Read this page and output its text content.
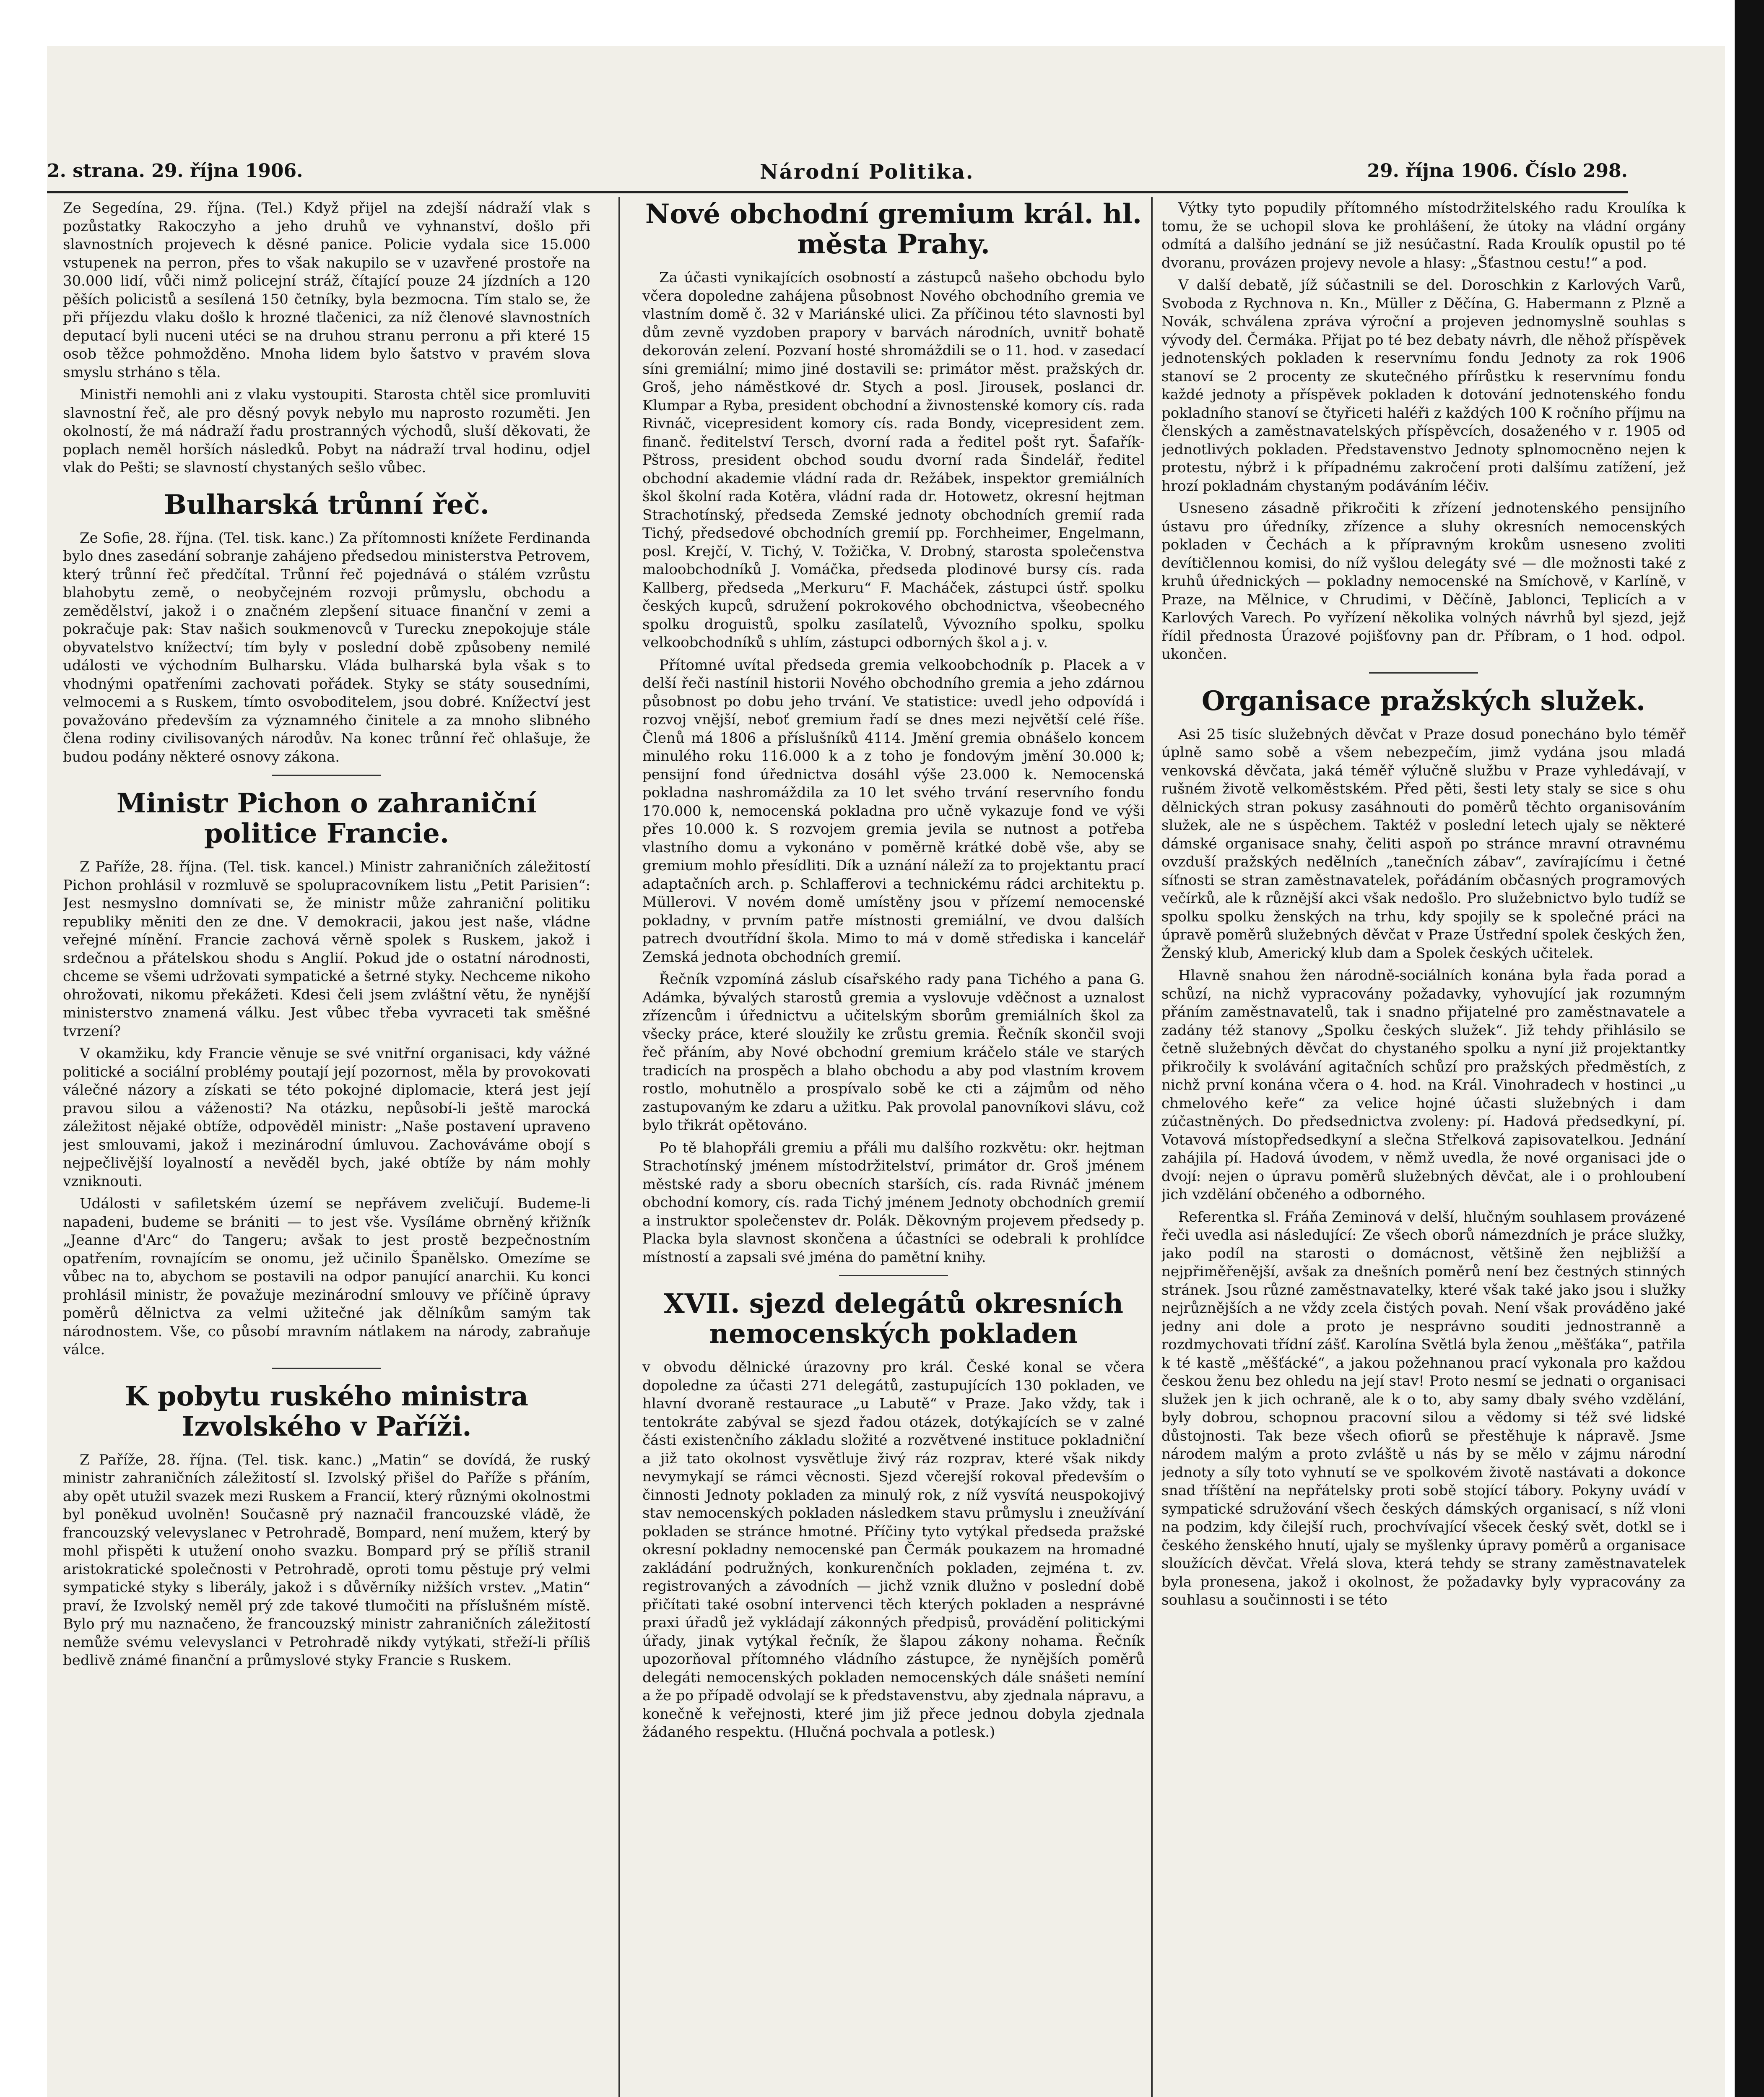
2. strana. 29. října 1906.	Národní Politika.	29. října 1906. Číslo 298.

Ze Segedína, 29. října. (Tel.) Když přijel na zdejší nádraží vlak s pozůstatky Rakoczyho a jeho druhů ve vyhnanství, došlo při slavnostních projevech k děsné panice. Policie vydala sice 15.000 vstupenek na perron, přes to však nakupilo se v uzavřené prostoře na 30.000 lidí, vůči nimž policejní stráž, čítající pouze 24 jízdních a 120 pěších policistů a sesílená 150 četníky, byla bezmocna. Tím stalo se, že při příjezdu vlaku došlo k hrozné tlačenici, za níž členové slavnostních deputací byli nuceni utéci se na druhou stranu perronu a při které 15 osob těžce pohmožděno. Mnoha lidem bylo šatstvo v pravém slova smyslu strháno s těla.

Ministři nemohli ani z vlaku vystoupiti. Starosta chtěl sice promluviti slavnostní řeč, ale pro děsný povyk nebylo mu naprosto rozuměti. Jen okolností, že má nádraží řadu prostranných východů, sluší děkovati, že poplach neměl horších následků. Pobyt na nádraží trval hodinu, odjel vlak do Pešti; se slavností chystaných sešlo vůbec.

Bulharská trůnní řeč.

Ze Sofie, 28. října. (Tel. tisk. kanc.) Za přítomnosti knížete Ferdinanda bylo dnes zasedání sobranje zahájeno předsedou ministerstva Petrovem, který trůnní řeč předčítal. Trůnní řeč pojednává o stálém vzrůstu blahobytu země, o neobyčejném rozvoji průmyslu, obchodu a zemědělství, jakož i o značném zlepšení situace finanční v zemi a pokračuje pak: Stav našich soukmenovců v Turecku znepokojuje stále obyvatelstvo knížectví; tím byly v poslední době způsobeny nemilé události ve východním Bulharsku. Vláda bulharská byla však s to vhodnými opatřeními zachovati pořádek. Styky se státy sousedními, velmocemi a s Ruskem, tímto osvoboditelem, jsou dobré. Knížectví jest považováno především za významného činitele a za mnoho slibného člena rodiny civilisovaných národův. Na konec trůnní řeč ohlašuje, že budou podány některé osnovy zákona.

Ministr Pichon o zahraniční politice Francie.

Z Paříže, 28. října. (Tel. tisk. kancel.) Ministr zahraničních záležitostí Pichon prohlásil v rozmluvě se spolupracovníkem listu „Petit Parisien“: Jest nesmyslno domnívati se, že ministr může zahraniční politiku republiky měniti den ze dne. V demokracii, jakou jest naše, vládne veřejné mínění. Francie zachová věrně spolek s Ruskem, jakož i srdečnou a přátelskou shodu s Anglií. Pokud jde o ostatní národnosti, chceme se všemi udržovati sympatické a šetrné styky. Nechceme nikoho ohrožovati, nikomu překážeti. Kdesi čeli jsem zvláštní větu, že nynější ministerstvo znamená válku. Jest vůbec třeba vyvraceti tak směšné tvrzení?

V okamžiku, kdy Francie věnuje se své vnitřní organisaci, kdy vážné politické a sociální problémy poutají její pozornost, měla by provokovati válečné názory a získati se této pokojné diplomacie, která jest její pravou silou a váženosti? Na otázku, nepůsobí-li ještě marocká záležitost nějaké obtíže, odpověděl ministr: „Naše postavení upraveno jest smlouvami, jakož i mezinárodní úmluvou. Zachováváme obojí s nejpečlivější loyalností a nevěděl bych, jaké obtíže by nám mohly vzniknouti.

Události v safiletském území se nepřávem zveličují. Budeme-li napadeni, budeme se brániti — to jest vše. Vysíláme obrněný křižník „Jeanne d'Arc“ do Tangeru; avšak to jest prostě bezpečnostním opatřením, rovnajícím se onomu, jež učinilo Španělsko. Omezíme se vůbec na to, abychom se postavili na odpor panující anarchii. Ku konci prohlásil ministr, že považuje mezinárodní smlouvy ve příčině úpravy poměrů dělnictva za velmi užitečné jak dělníkům samým tak národnostem. Vše, co působí mravním nátlakem na národy, zabraňuje válce.

K pobytu ruského ministra Izvolského v Paříži.

Z Paříže, 28. října. (Tel. tisk. kanc.) „Matin“ se dovídá, že ruský ministr zahraničních záležitostí sl. Izvolský přišel do Paříže s přáním, aby opět utužil svazek mezi Ruskem a Francií, který různými okolnostmi byl poněkud uvolněn! Současně prý naznačil francouzské vládě, že francouzský velevyslanec v Petrohradě, Bompard, není mužem, který by mohl přispěti k utužení onoho svazku. Bompard prý se příliš stranil aristokratické společnosti v Petrohradě, oproti tomu pěstuje prý velmi sympatické styky s liberály, jakož i s důvěrníky nižších vrstev. „Matin“ praví, že Izvolský neměl prý zde takové tlumočiti na příslušném místě. Bylo prý mu naznačeno, že francouzský ministr zahraničních záležitostí nemůže svému velevyslanci v Petrohradě nikdy vytýkati, střeží-li příliš bedlivě známé finanční a průmyslové styky Francie s Ruskem.

Nové obchodní gremium král. hl. města Prahy.

Za účasti vynikajících osobností a zástupců našeho obchodu bylo včera dopoledne zahájena působnost Nového obchodního gremia ve vlastním domě č. 32 v Mariánské ulici. Za příčinou této slavnosti byl dům zevně vyzdoben prapory v barvách národních, uvnitř bohatě dekorován zelení. Pozvaní hosté shromáždili se o 11. hod. v zasedací síni gremiální; mimo jiné dostavili se: primátor měst. pražských dr. Groš, jeho náměstkové dr. Stych a posl. Jirousek, poslanci dr. Klumpar a Ryba, president obchodní a živnostenské komory cís. rada Rivnáč, vicepresident komory cís. rada Bondy, vicepresident zem. finanč. ředitelství Tersch, dvorní rada a ředitel pošt ryt. Šafařík-Pštross, president obchod soudu dvorní rada Šindelář, ředitel obchodní akademie vládní rada dr. Režábek, inspektor gremiálních škol školní rada Kotěra, vládní rada dr. Hotowetz, okresní hejtman Strachotínský, předseda Zemské jednoty obchodních gremií rada Tichý, předsedové obchodních gremií pp. Forchheimer, Engelmann, posl. Krejčí, V. Tichý, V. Tožička, V. Drobný, starosta společenstva maloobchodníků J. Vomáčka, předseda plodinové bursy cís. rada Kallberg, předseda „Merkuru“ F. Macháček, zástupci ústř. spolku českých kupců, sdružení pokrokového obchodnictva, všeobecného spolku droguistů, spolku zasílatelů, Vývozního spolku, spolku velkoobchodníků s uhlím, zástupci odborných škol a j. v.

Přítomné uvítal předseda gremia velkoobchodník p. Placek a v delší řeči nastínil historii Nového obchodního gremia a jeho zdárnou působnost po dobu jeho trvání. Ve statistice: uvedl jeho odpovídá i rozvoj vnější, neboť gremium řadí se dnes mezi největší celé říše. Členů má 1806 a příslušníků 4114. Jmění gremia obnášelo koncem minulého roku 116.000 k a z toho je fondovým jmění 30.000 k; pensijní fond úřednictva dosáhl výše 23.000 k. Nemocenská pokladna nashromáždila za 10 let svého trvání reservního fondu 170.000 k, nemocenská pokladna pro učně vykazuje fond ve výši přes 10.000 k. S rozvojem gremia jevila se nutnost a potřeba vlastního domu a vykonáno v poměrně krátké době vše, aby se gremium mohlo přesídliti. Dík a uznání náleží za to projektantu prací adaptačních arch. p. Schlafferovi a technickému rádci architektu p. Müllerovi. V novém domě umístěny jsou v přízemí nemocenské pokladny, v prvním patře místnosti gremiální, ve dvou dalších patrech dvoutřídní škola. Mimo to má v domě střediska i kancelář Zemská jednota obchodních gremií.

Řečník vzpomíná záslub císařského rady pana Tichého a pana G. Adámka, bývalých starostů gremia a vyslovuje vděčnost a uznalost zřízencům i úřednictvu a učitelským sborům gremiálních škol za všecky práce, které sloužily ke zrůstu gremia. Řečník skončil svoji řeč přáním, aby Nové obchodní gremium kráčelo stále ve starých tradicích na prospěch a blaho obchodu a aby pod vlastním krovem rostlo, mohutnělo a prospívalo sobě ke cti a zájmům od něho zastupovaným ke zdaru a užitku. Pak provolal panovníkovi slávu, což bylo třikrát opětováno.

Po tě blahopřáli gremiu a přáli mu dalšího rozkvětu: okr. hejtman Strachotínský jménem místodržitelství, primátor dr. Groš jménem městské rady a sboru obecních starších, cís. rada Rivnáč jménem obchodní komory, cís. rada Tichý jménem Jednoty obchodních gremií a instruktor společenstev dr. Polák. Děkovným projevem předsedy p. Placka byla slavnost skončena a účastníci se odebrali k prohlídce místností a zapsali své jména do pamětní knihy.

XVII. sjezd delegátů okresních nemocenských pokladen

v obvodu dělnické úrazovny pro král. České konal se včera dopoledne za účasti 271 delegátů, zastupujících 130 pokladen, ve hlavní dvoraně restaurace „u Labutě“ v Praze. Jako vždy, tak i tentokráte zabýval se sjezd řadou otázek, dotýkajících se v zalné části existenčního základu složité a rozvětvené instituce pokladniční a již tato okolnost vysvětluje živý ráz rozprav, které však nikdy nevymykají se rámci věcnosti. Sjezd včerejší rokoval především o činnosti Jednoty pokladen za minulý rok, z níž vysvítá neuspokojivý stav nemocenských pokladen následkem stavu průmyslu i zneužívání pokladen se stránce hmotné. Příčiny tyto vytýkal předseda pražské okresní pokladny nemocenské pan Čermák poukazem na hromadné zakládání podružných, konkurenčních pokladen, zejména t. zv. registrovaných a závodních — jichž vznik dlužno v poslední době přičítati také osobní intervenci těch kterých pokladen a nesprávné praxi úřadů jež vykládají zákonných předpisů, provádění politickými úřady, jinak vytýkal řečník, že šlapou zákony nohama. Řečník upozorňoval přítomného vládního zástupce, že nynějších poměrů delegáti nemocenských pokladen nemocenských dále snášeti nemíní a že po případě odvolají se k představenstvu, aby zjednala nápravu, a konečně k veřejnosti, které jim již přece jednou dobyla zjednala žádaného respektu. (Hlučná pochvala a potlesk.)

Výtky tyto popudily přítomného místodržitelského radu Kroulíka k tomu, že se uchopil slova ke prohlášení, že útoky na vládní orgány odmítá a dalšího jednání se již nesúčastní. Rada Kroulík opustil po té dvoranu, provázen projevy nevole a hlasy: „Šťastnou cestu!“ a pod.

V další debatě, jíž súčastnili se del. Doroschkin z Karlových Varů, Svoboda z Rychnova n. Kn., Müller z Děčína, G. Habermann z Plzně a Novák, schválena zpráva výroční a projeven jednomyslně souhlas s vývody del. Čermáka. Přijat po té bez debaty návrh, dle něhož příspěvek jednotenských pokladen k reservnímu fondu Jednoty za rok 1906 stanoví se 2 procenty ze skutečného přírůstku k reservnímu fondu každé jednoty a příspěvek pokladen k dotování jednotenského fondu pokladního stanoví se čtyřiceti haléři z každých 100 K ročního příjmu na členských a zaměstnavatelských příspěvcích, dosaženého v r. 1905 od jednotlivých pokladen. Představenstvo Jednoty splnomocněno nejen k protestu, nýbrž i k případnému zakročení proti dalšímu zatížení, jež hrozí pokladnám chystaným podáváním léčiv.

Usneseno zásadně přikročiti k zřízení jednotenského pensijního ústavu pro úředníky, zřízence a sluhy okresních nemocenských pokladen v Čechách a k přípravným krokům usneseno zvoliti devítičlennou komisi, do níž vyšlou delegáty své — dle možnosti také z kruhů úřednických — pokladny nemocenské na Smíchově, v Karlíně, v Praze, na Mělnice, v Chrudimi, v Děčíně, Jablonci, Teplicích a v Karlových Varech. Po vyřízení několika volných návrhů byl sjezd, jejž řídil přednosta Úrazové pojišťovny pan dr. Příbram, o 1 hod. odpol. ukončen.

Organisace pražských služek.

Asi 25 tisíc služebných děvčat v Praze dosud ponecháno bylo téměř úplně samo sobě a všem nebezpečím, jimž vydána jsou mladá venkovská děvčata, jaká téměř výlučně službu v Praze vyhledávají, v rušném životě velkoměstském. Před pěti, šesti lety staly se sice s ohu dělnických stran pokusy zasáhnouti do poměrů těchto organisováním služek, ale ne s úspěchem. Taktéž v poslední letech ujaly se některé dámské organisace snahy, čeliti aspoň po stránce mravní otravnému ovzduší pražských nedělních „tanečních zábav“, zavírajícímu i četné síťnosti se stran zaměstnavatelek, pořádáním občasných programových večírků, ale k různější akci však nedošlo. Pro služebnictvo bylo tudíž se spolku spolku ženských na trhu, kdy spojily se k společné práci na úpravě poměrů služebných děvčat v Praze Ústřední spolek českých žen, Ženský klub, Americký klub dam a Spolek českých učitelek.

Hlavně snahou žen národně-sociálních konána byla řada porad a schůzí, na nichž vypracovány požadavky, vyhovující jak rozumným přáním zaměstnavatelů, tak i snadno přijatelné pro zaměstnavatele a zadány též stanovy „Spolku českých služek“. Již tehdy přihlásilo se četně služebných děvčat do chystaného spolku a nyní již projektantky přikročily k svolávání agitačních schůzí pro pražských předměstích, z nichž první konána včera o 4. hod. na Král. Vinohradech v hostinci „u chmelového keře“ za velice hojné účasti služebných i dam zúčastněných. Do předsednictva zvoleny: pí. Hadová předsedkyní, pí. Votavová místopředsedkyní a slečna Střelková zapisovatelkou. Jednání zahájila pí. Hadová úvodem, v němž uvedla, že nové organisaci jde o dvojí: nejen o úpravu poměrů služebných děvčat, ale i o prohloubení jich vzdělání občeného a odborného.

Referentka sl. Fráňa Zeminová v delší, hlučným souhlasem provázené řeči uvedla asi následující: Ze všech oborů námezdních je práce služky, jako podíl na starosti o domácnost, většině žen nejbližší a nejpřiměřenější, avšak za dnešních poměrů není bez čestných stinných stránek. Jsou různé zaměstnavatelky, které však také jako jsou i služky nejrůznějších a ne vždy zcela čistých povah. Není však prováděno jaké jedny ani dole a proto je nesprávno souditi jednostranně a rozdmychovati třídní zášť. Karolína Světlá byla ženou „měšťáka“, patřila k té kastě „měšťácké“, a jakou požehnanou prací vykonala pro každou českou ženu bez ohledu na její stav! Proto nesmí se jednati o organisaci služek jen k jich ochraně, ale k o to, aby samy dbaly svého vzdělání, byly dobrou, schopnou pracovní silou a vědomy si též své lidské důstojnosti. Tak beze všech ofiorů se přestěhuje k nápravě. Jsme národem malým a proto zvláště u nás by se mělo v zájmu národní jednoty a síly toto vyhnutí se ve spolkovém životě nastávati a dokonce snad tříštění na nepřátelsky proti sobě stojící tábory. Pokyny uvádí v sympatické sdružování všech českých dámských organisací, s níž vloni na podzim, kdy čilejší ruch, prochvívající všecek český svět, dotkl se i českého ženského hnutí, ujaly se myšlenky úpravy poměrů a organisace sloužících děvčat. Vřelá slova, která tehdy se strany zaměstnavatelek byla pronesena, jakož i okolnost, že požadavky byly vypracovány za souhlasu a součinnosti i se této
